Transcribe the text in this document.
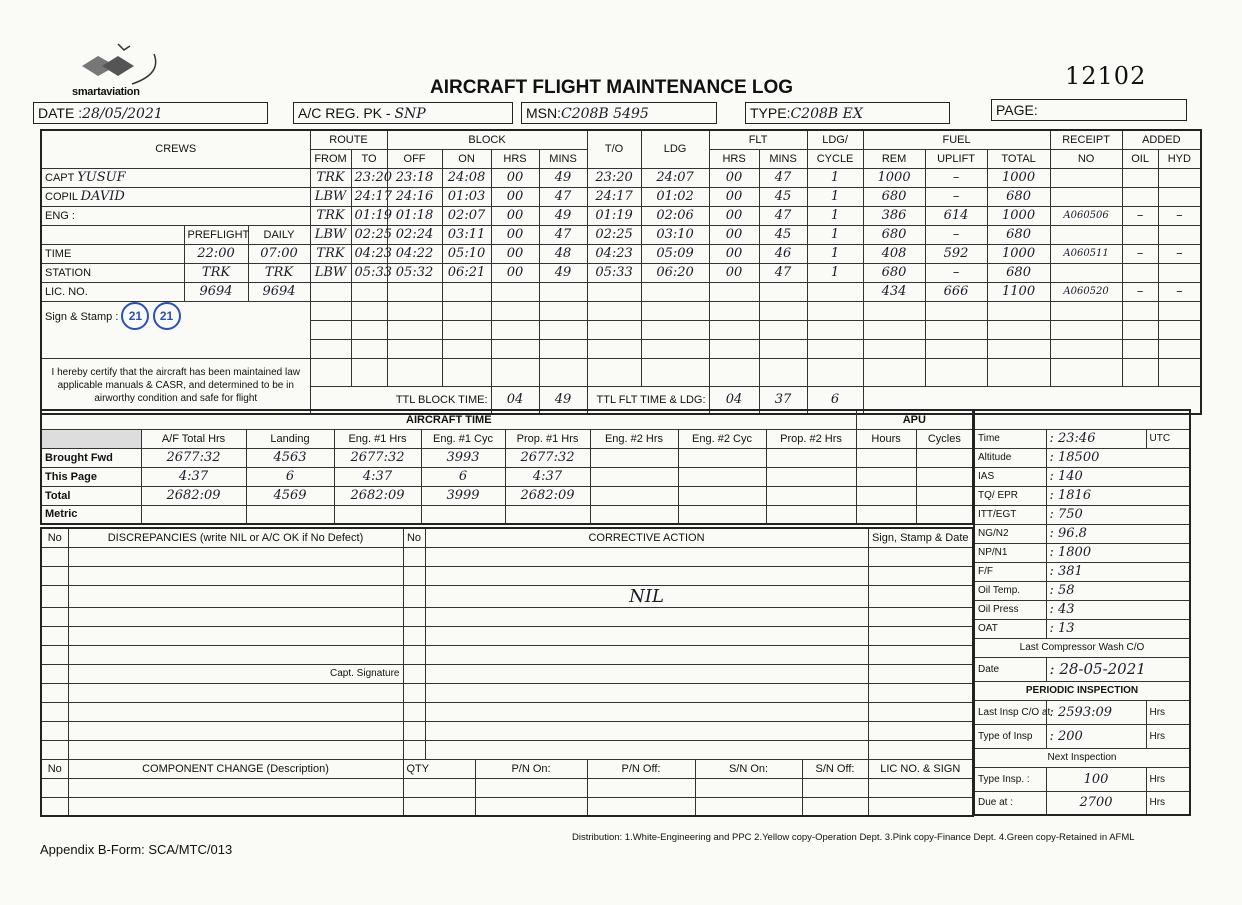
smartaviation	AIRCRAFT FLIGHT MAINTENANCE LOG	12102
DATE :28/05/2021	A/C REG. PK - SNP	MSN:C208B 5495	TYPE:C208B EX	PAGE:
CREWS			ROUTE		BLOCK				T/O	LDG	FLT		LDG/	FUEL			RECEIPT	ADDED	
			FROM	TO	OFF	ON	HRS	MINS			HRS	MINS	CYCLE	REM	UPLIFT	TOTAL	NO	OIL	HYD
CAPT YUSUF			TRK	23:20	23:18	24:08	00	49	23:20	24:07	00	47	1	1000	–	1000			
COPIL DAVID			LBW	24:17	24:16	01:03	00	47	24:17	01:02	00	45	1	680	–	680			
ENG :			TRK	01:19	01:18	02:07	00	49	01:19	02:06	00	47	1	386	614	1000	A060506	–	–
	PREFLIGHT	DAILY	LBW	02:25	02:24	03:11	00	47	02:25	03:10	00	45	1	680	–	680			
TIME	22:00	07:00	TRK	04:23	04:22	05:10	00	48	04:23	05:09	00	46	1	408	592	1000	A060511	–	–
STATION	TRK	TRK	LBW	05:33	05:32	06:21	00	49	05:33	06:20	00	47	1	680	–	680			
LIC. NO.	9694	9694												434	666	1100	A060520	–	–
Sign & Stamp : 21 21																			

I hereby certify that the aircraft has been maintained law applicable manuals & CASR, and determined to be in airworthy condition and safe for flight																			
			TTL BLOCK TIME:				04	49	TTL FLT TIME & LDG:		04	37	6						
AIRCRAFT TIME									APU	
	A/F Total Hrs	Landing	Eng. #1 Hrs	Eng. #1 Cyc	Prop. #1 Hrs	Eng. #2 Hrs	Eng. #2 Cyc	Prop. #2 Hrs	Hours	Cycles
Brought Fwd	2677:32	4563	2677:32	3993	2677:32					
This Page	4:37	6	4:37	6	4:37					
Total	2682:09	4569	2682:09	3999	2682:09					
Metric										
No	DISCREPANCIES (write NIL or A/C OK if No Defect)	No	CORRECTIVE ACTION					Sign, Stamp & Date

			NIL					

	Capt. Signature							

No	COMPONENT CHANGE (Description)	QTY		P/N On:	P/N Off:	S/N On:	S/N Off:	LIC NO. & SIGN

Time	: 23:46	UTC
Altitude	: 18500	
IAS	: 140	
TQ/ EPR	: 1816	
ITT/EGT	: 750	
NG/N2	: 96.8	
NP/N1	: 1800	
F/F	: 381	
Oil Temp.	: 58	
Oil Press	: 43	
OAT	: 13	
Last Compressor Wash C/O		
Date	: 28-05-2021	
PERIODIC INSPECTION		
Last Insp C/O at	: 2593:09	Hrs
Type of Insp	: 200	Hrs
Next Inspection		
Type Insp. :	100	Hrs
Due at :	2700	Hrs
Appendix B-Form: SCA/MTC/013
Distribution: 1.White-Engineering and PPC 2.Yellow copy-Operation Dept. 3.Pink copy-Finance Dept. 4.Green copy-Retained in AFML
